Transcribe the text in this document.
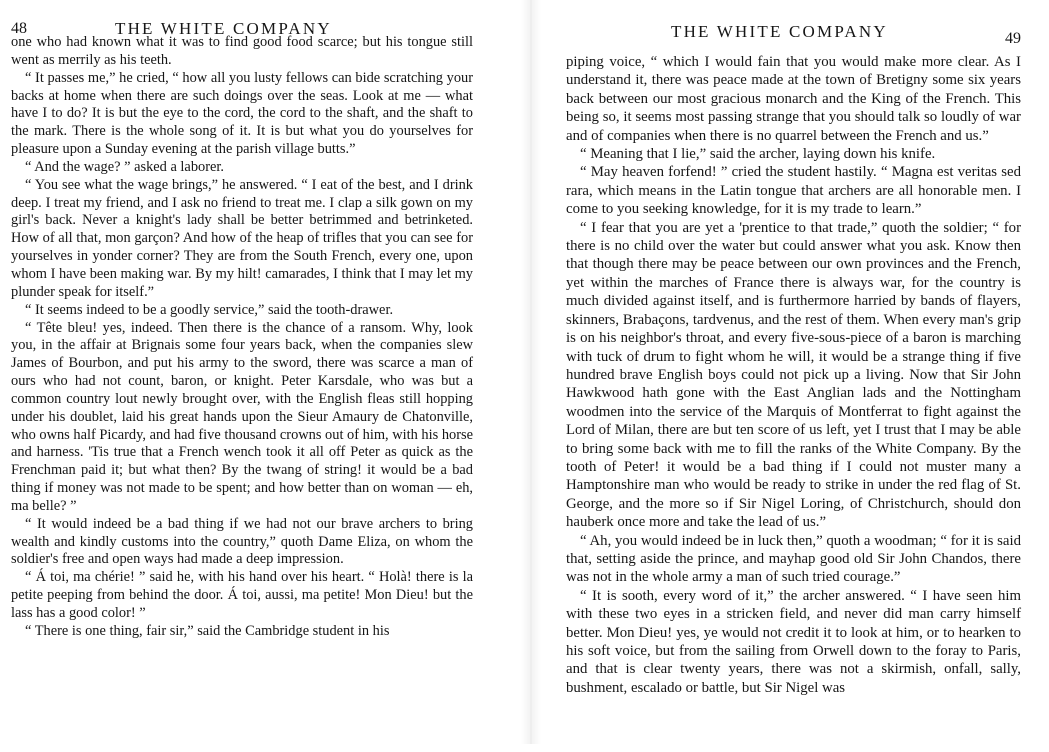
48	THE WHITE COMPANY

one who had known what it was to find good food scarce; but his tongue still went as merrily as his teeth.

“ It passes me,” he cried, “ how all you lusty fellows can bide scratching your backs at home when there are such doings over the seas. Look at me — what have I to do? It is but the eye to the cord, the cord to the shaft, and the shaft to the mark. There is the whole song of it. It is but what you do yourselves for pleasure upon a Sunday evening at the parish village butts.”

“ And the wage? ” asked a laborer.

“ You see what the wage brings,” he answered. “ I eat of the best, and I drink deep. I treat my friend, and I ask no friend to treat me. I clap a silk gown on my girl's back. Never a knight's lady shall be better betrimmed and betrinketed. How of all that, mon garçon? And how of the heap of trifles that you can see for yourselves in yonder corner? They are from the South French, every one, upon whom I have been making war. By my hilt! camarades, I think that I may let my plunder speak for itself.”

“ It seems indeed to be a goodly service,” said the tooth-drawer.

“ Tête bleu! yes, indeed. Then there is the chance of a ransom. Why, look you, in the affair at Brignais some four years back, when the companies slew James of Bourbon, and put his army to the sword, there was scarce a man of ours who had not count, baron, or knight. Peter Karsdale, who was but a common country lout newly brought over, with the English fleas still hopping under his doublet, laid his great hands upon the Sieur Amaury de Chatonville, who owns half Picardy, and had five thousand crowns out of him, with his horse and harness. 'Tis true that a French wench took it all off Peter as quick as the Frenchman paid it; but what then? By the twang of string! it would be a bad thing if money was not made to be spent; and how better than on woman — eh, ma belle? ”

“ It would indeed be a bad thing if we had not our brave archers to bring wealth and kindly customs into the country,” quoth Dame Eliza, on whom the soldier's free and open ways had made a deep impression.

“ Á toi, ma chérie! ” said he, with his hand over his heart. “ Holà! there is la petite peeping from behind the door. Á toi, aussi, ma petite! Mon Dieu! but the lass has a good color! ”

“ There is one thing, fair sir,” said the Cambridge student in his

THE WHITE COMPANY	49

piping voice, “ which I would fain that you would make more clear. As I understand it, there was peace made at the town of Bretigny some six years back between our most gracious monarch and the King of the French. This being so, it seems most passing strange that you should talk so loudly of war and of companies when there is no quarrel between the French and us.”

“ Meaning that I lie,” said the archer, laying down his knife.

“ May heaven forfend! ” cried the student hastily. “ Magna est veritas sed rara, which means in the Latin tongue that archers are all honorable men. I come to you seeking knowledge, for it is my trade to learn.”

“ I fear that you are yet a 'prentice to that trade,” quoth the soldier; “ for there is no child over the water but could answer what you ask. Know then that though there may be peace between our own provinces and the French, yet within the marches of France there is always war, for the country is much divided against itself, and is furthermore harried by bands of flayers, skinners, Brabaçons, tardvenus, and the rest of them. When every man's grip is on his neighbor's throat, and every five-sous-piece of a baron is marching with tuck of drum to fight whom he will, it would be a strange thing if five hundred brave English boys could not pick up a living. Now that Sir John Hawkwood hath gone with the East Anglian lads and the Nottingham woodmen into the service of the Marquis of Montferrat to fight against the Lord of Milan, there are but ten score of us left, yet I trust that I may be able to bring some back with me to fill the ranks of the White Company. By the tooth of Peter! it would be a bad thing if I could not muster many a Hamptonshire man who would be ready to strike in under the red flag of St. George, and the more so if Sir Nigel Loring, of Christchurch, should don hauberk once more and take the lead of us.”

“ Ah, you would indeed be in luck then,” quoth a woodman; “ for it is said that, setting aside the prince, and mayhap good old Sir John Chandos, there was not in the whole army a man of such tried courage.”

“ It is sooth, every word of it,” the archer answered. “ I have seen him with these two eyes in a stricken field, and never did man carry himself better. Mon Dieu! yes, ye would not credit it to look at him, or to hearken to his soft voice, but from the sailing from Orwell down to the foray to Paris, and that is clear twenty years, there was not a skirmish, onfall, sally, bushment, escalado or battle, but Sir Nigel was
